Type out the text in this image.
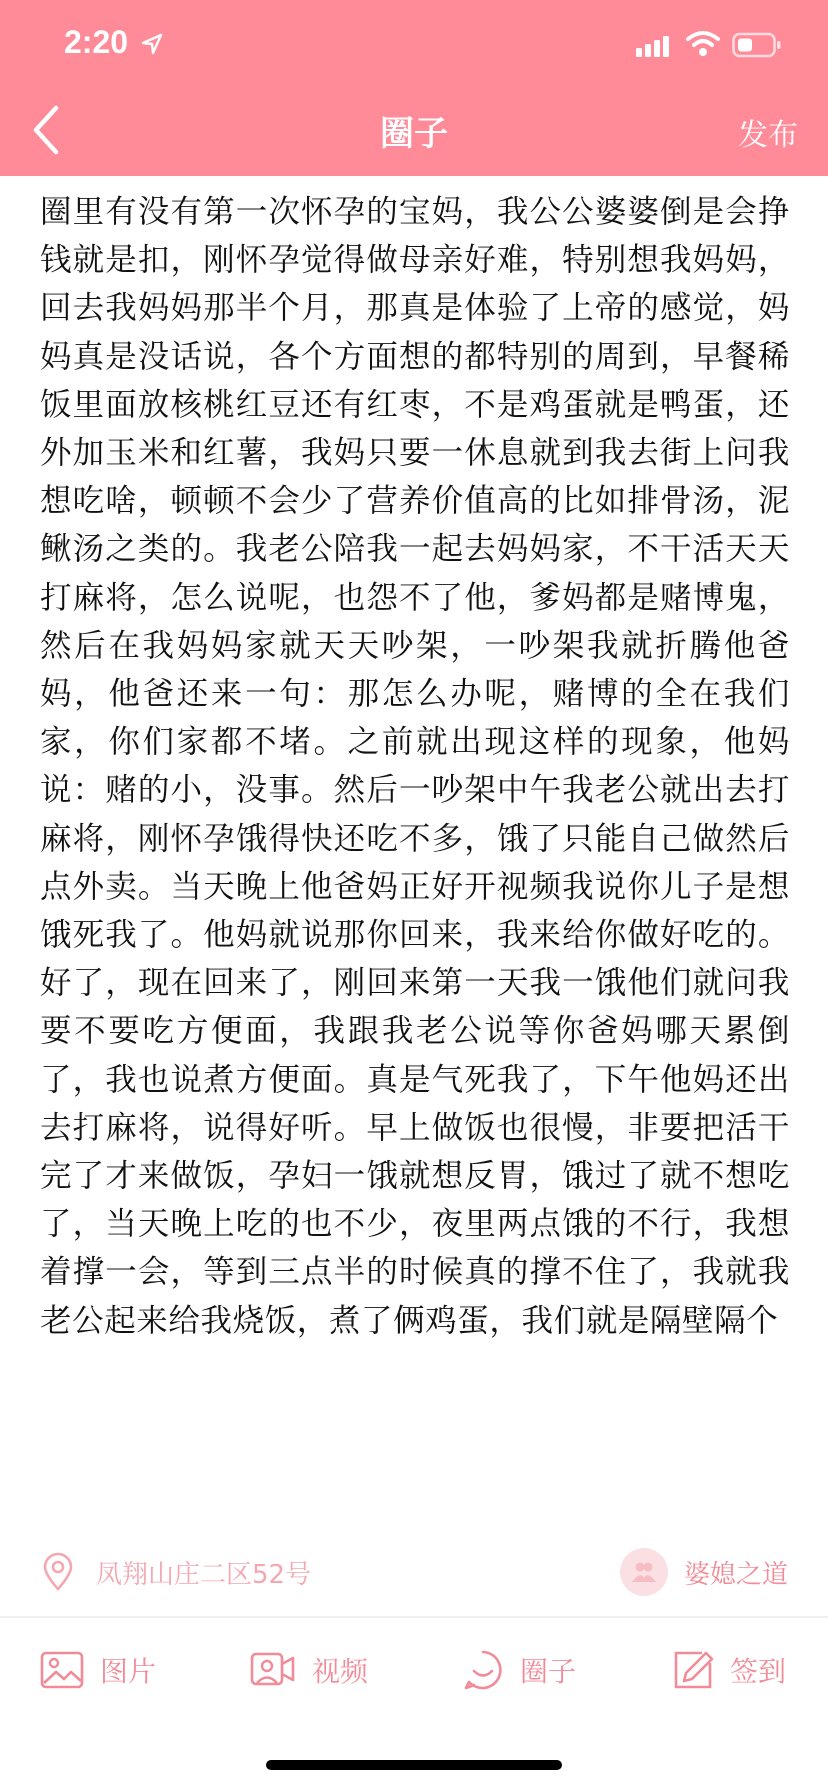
2:20
圈子	发布
圈里有没有第一次怀孕的宝妈，我公公婆婆倒是会挣钱就是扣，刚怀孕觉得做母亲好难，特别想我妈妈，回去我妈妈那半个月，那真是体验了上帝的感觉，妈妈真是没话说，各个方面想的都特别的周到，早餐稀饭里面放核桃红豆还有红枣，不是鸡蛋就是鸭蛋，还外加玉米和红薯，我妈只要一休息就到我去街上问我想吃啥，顿顿不会少了营养价值高的比如排骨汤，泥鳅汤之类的。我老公陪我一起去妈妈家，不干活天天打麻将，怎么说呢，也怨不了他，爹妈都是赌博鬼，然后在我妈妈家就天天吵架，一吵架我就折腾他爸妈，他爸还来一句：那怎么办呢，赌博的全在我们家，你们家都不堵。之前就出现这样的现象，他妈说：赌的小，没事。然后一吵架中午我老公就出去打麻将，刚怀孕饿得快还吃不多，饿了只能自己做然后点外卖。当天晚上他爸妈正好开视频我说你儿子是想饿死我了。他妈就说那你回来，我来给你做好吃的。好了，现在回来了，刚回来第一天我一饿他们就问我要不要吃方便面，我跟我老公说等你爸妈哪天累倒了，我也说煮方便面。真是气死我了，下午他妈还出去打麻将，说得好听。早上做饭也很慢，非要把活干完了才来做饭，孕妇一饿就想反胃，饿过了就不想吃了，当天晚上吃的也不少，夜里两点饿的不行，我想着撑一会，等到三点半的时候真的撑不住了，我就我老公起来给我烧饭，煮了俩鸡蛋，我们就是隔壁隔个
凤翔山庄二区52号	婆媳之道
图片	视频	圈子	签到
